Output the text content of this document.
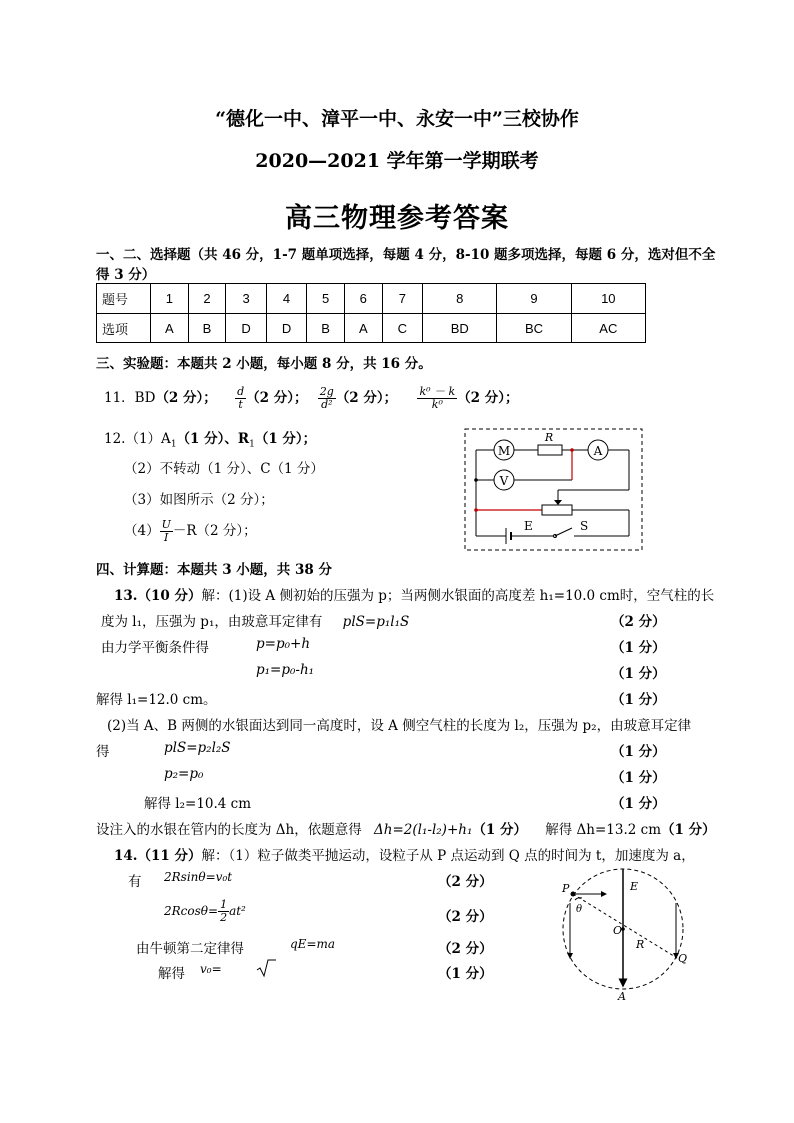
“德化一中、漳平一中、永安一中”三校协作
2020—2021 学年第一学期联考
高三物理参考答案
一、二、选择题（共 46 分，1-7 题单项选择，每题 4 分，8-10 题多项选择，每题 6 分，选对但不全
得 3 分）
题号	1	2	3	4	5	6	7	8	9	10
选项	A	B	D	D	B	A	C	BD	BC	AC
三、实验题：本题共 2 小题，每小题 8 分，共 16 分。
11．BD（2 分）； $\frac{d}{t} (2$ 分）； $\frac{2g}{\text{d²}} (2$ 分）； $\frac{\text{k⁰ － k}}{\text{k⁰}} (2$ 分）；
$12.(1)A_1(1$ 分）、$R_1(1$ 分）；
（2）不转动（1 分）、C（1 分）
（3）如图所示（2 分）；
$(4) \frac{U}{I} -R(2$ 分）；
M
R
A
V
E	S
四、计算题：本题共 3 小题，共 38 分
13.（10 分）解：(1)设 A 侧初始的压强为 p；当两侧水银面的高度差 h₁=10.0 cm时，空气柱的长
度为 l₁，压强为 p₁，由玻意耳定律有 plS=p₁l₁S	（2 分）
由力学平衡条件得	p=p₀+h	（1 分）
p₁=p₀-h₁	（1 分）
解得 l₁=12.0 cm。	（1 分）
(2)当 A、B 两侧的水银面达到同一高度时，设 A 侧空气柱的长度为 l₂，压强为 p₂，由玻意耳定律
得	plS=p₂l₂S	（1 分）
p₂=p₀	（1 分）
解得 l₂=10.4 cm	（1 分）
设注入的水银在管内的长度为 Δh，依题意得 Δh=2(l₁-l₂)+h₁（1 分） 解得 Δh=13.2 cm（1 分）
14.（11 分）解：（1）粒子做类平抛运动，设粒子从 P 点运动到 Q 点的时间为 t，加速度为 a，
有 2Rsinθ=v₀t	（2 分）
$2Rcos\theta= \frac{1}{2} at^2$	（2 分）
由牛顿第二定律得	qE=ma	（2 分）
解得 v₀=	（1 分）
P	E
O
R
Q
A
θ
